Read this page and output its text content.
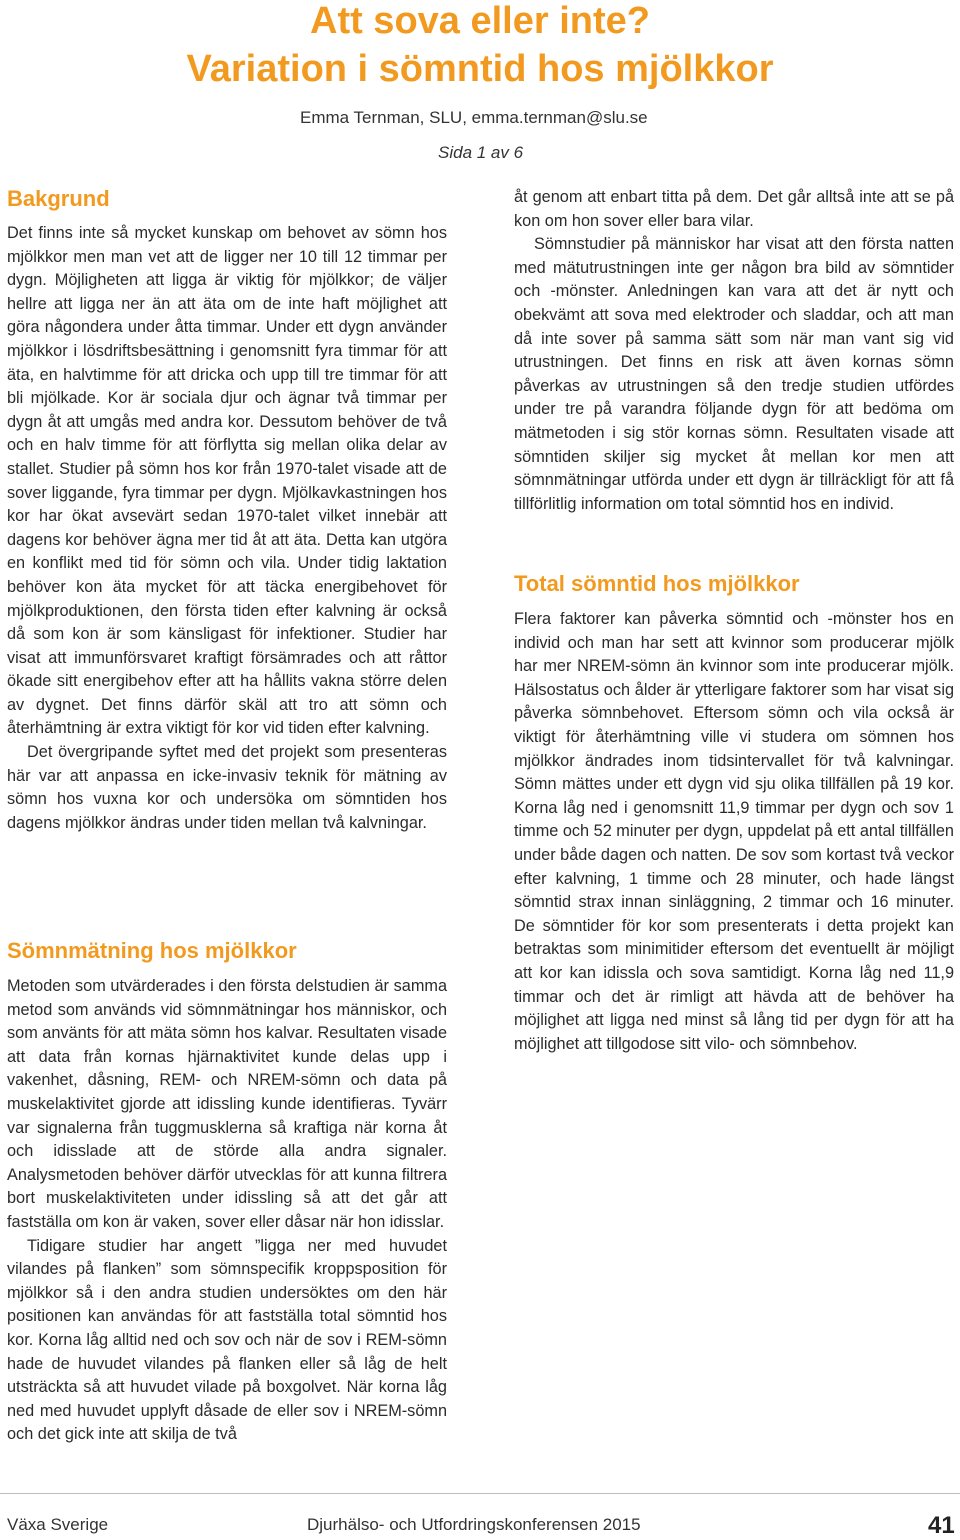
Att sova eller inte?
Variation i sömntid hos mjölkkor
Emma Ternman, SLU, emma.ternman@slu.se
Sida 1 av 6
Bakgrund

Det finns inte så mycket kunskap om behovet av sömn hos mjölkkor men man vet att de ligger ner 10 till 12 timmar per dygn. Möjligheten att ligga är viktig för mjölkkor; de väljer hellre att ligga ner än att äta om de inte haft möjlighet att göra någondera under åtta timmar. Under ett dygn använder mjölkkor i lösdriftsbesättning i genomsnitt fyra timmar för att äta, en halvtimme för att dricka och upp till tre timmar för att bli mjölkade. Kor är sociala djur och ägnar två timmar per dygn åt att umgås med andra kor. Dessutom behöver de två och en halv timme för att förflytta sig mellan olika delar av stallet. Studier på sömn hos kor från 1970-talet visade att de sover liggande, fyra timmar per dygn. Mjölkavkastningen hos kor har ökat avsevärt sedan 1970-talet vilket innebär att dagens kor behöver ägna mer tid åt att äta. Detta kan utgöra en konflikt med tid för sömn och vila. Under tidig laktation behöver kon äta mycket för att täcka energibehovet för mjölkproduktionen, den första tiden efter kalvning är också då som kon är som känsligast för infektioner. Studier har visat att immunförsvaret kraftigt försämrades och att råttor ökade sitt energibehov efter att ha hållits vakna större delen av dygnet. Det finns därför skäl att tro att sömn och återhämtning är extra viktigt för kor vid tiden efter kalvning.

Det övergripande syftet med det projekt som presenteras här var att anpassa en icke-invasiv teknik för mätning av sömn hos vuxna kor och undersöka om sömntiden hos dagens mjölkkor ändras under tiden mellan två kalvningar.

Sömnmätning hos mjölkkor

Metoden som utvärderades i den första delstudien är samma metod som används vid sömnmätningar hos människor, och som använts för att mäta sömn hos kalvar. Resultaten visade att data från kornas hjärnaktivitet kunde delas upp i vakenhet, dåsning, REM- och NREM-sömn och data på muskelaktivitet gjorde att idissling kunde identifieras. Tyvärr var signalerna från tuggmusklerna så kraftiga när korna åt och idisslade att de störde alla andra signaler. Analysmetoden behöver därför utvecklas för att kunna filtrera bort muskelaktiviteten under idissling så att det går att fastställa om kon är vaken, sover eller dåsar när hon idisslar.

Tidigare studier har angett ”ligga ner med huvudet vilandes på flanken” som sömnspecifik kroppsposition för mjölkkor så i den andra studien undersöktes om den här positionen kan användas för att fastställa total sömntid hos kor. Korna låg alltid ned och sov och när de sov i REM-sömn hade de huvudet vilandes på flanken eller så låg de helt utsträckta så att huvudet vilade på boxgolvet. När korna låg ned med huvudet upplyft dåsade de eller sov i NREM-sömn och det gick inte att skilja de två

åt genom att enbart titta på dem. Det går alltså inte att se på kon om hon sover eller bara vilar.

Sömnstudier på människor har visat att den första natten med mätutrustningen inte ger någon bra bild av sömntider och -mönster. Anledningen kan vara att det är nytt och obekvämt att sova med elektroder och sladdar, och att man då inte sover på samma sätt som när man vant sig vid utrustningen. Det finns en risk att även kornas sömn påverkas av utrustningen så den tredje studien utfördes under tre på varandra följande dygn för att bedöma om mätmetoden i sig stör kornas sömn. Resultaten visade att sömntiden skiljer sig mycket åt mellan kor men att sömnmätningar utförda under ett dygn är tillräckligt för att få tillförlitlig information om total sömntid hos en individ.

Total sömntid hos mjölkkor

Flera faktorer kan påverka sömntid och -mönster hos en individ och man har sett att kvinnor som producerar mjölk har mer NREM-sömn än kvinnor som inte producerar mjölk. Hälsostatus och ålder är ytterligare faktorer som har visat sig påverka sömnbehovet. Eftersom sömn och vila också är viktigt för återhämtning ville vi studera om sömnen hos mjölkkor ändrades inom tidsintervallet för två kalvningar. Sömn mättes under ett dygn vid sju olika tillfällen på 19 kor. Korna låg ned i genomsnitt 11,9 timmar per dygn och sov 1 timme och 52 minuter per dygn, uppdelat på ett antal tillfällen under både dagen och natten. De sov som kortast två veckor efter kalvning, 1 timme och 28 minuter, och hade längst sömntid strax innan sinläggning, 2 timmar och 16 minuter. De sömntider för kor som presenterats i detta projekt kan betraktas som minimitider eftersom det eventuellt är möjligt att kor kan idissla och sova samtidigt. Korna låg ned 11,9 timmar och det är rimligt att hävda att de behöver ha möjlighet att ligga ned minst så lång tid per dygn för att ha möjlighet att tillgodose sitt vilo- och sömnbehov.

Växa Sverige	Djurhälso- och Utfordringskonferensen 2015	41
